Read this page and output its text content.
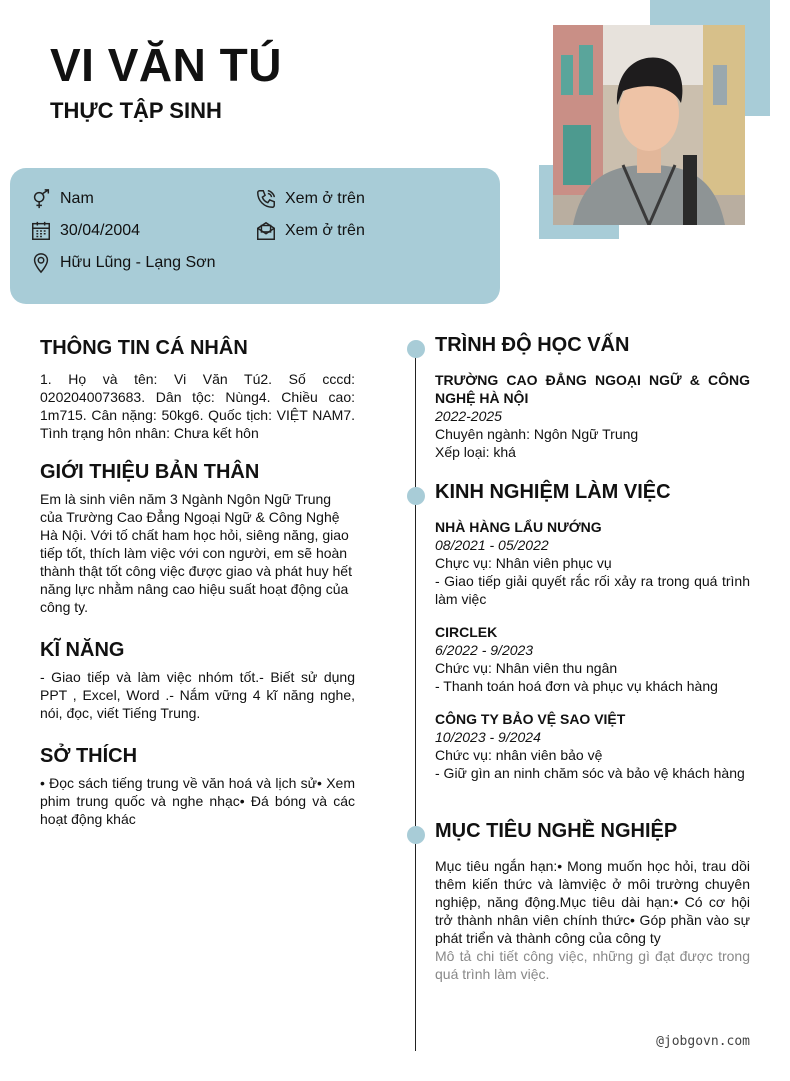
VI VĂN TÚ
THỰC TẬP SINH
Nam	Xem ở trên
30/04/2004	Xem ở trên
Hữu Lũng - Lạng Sơn
THÔNG TIN CÁ NHÂN
1. Họ và tên: Vi Văn Tú2. Số cccd: 0202040073683. Dân tộc: Nùng4. Chiều cao: 1m715. Cân nặng: 50kg6. Quốc tịch: VIỆT NAM7. Tình trạng hôn nhân: Chưa kết hôn
GIỚI THIỆU BẢN THÂN
Em là sinh viên năm 3 Ngành Ngôn Ngữ Trung của Trường Cao Đẳng Ngoại Ngữ & Công Nghệ Hà Nội. Với tố chất ham học hỏi, siêng năng, giao tiếp tốt, thích làm việc với con người, em sẽ hoàn thành thật tốt công việc được giao và phát huy hết năng lực nhằm nâng cao hiệu suất hoạt động của công ty.
KĨ NĂNG
- Giao tiếp và làm việc nhóm tốt.- Biết sử dụng PPT , Excel, Word .- Nắm vững 4 kĩ năng nghe, nói, đọc, viết Tiếng Trung.
SỞ THÍCH
• Đọc sách tiếng trung về văn hoá và lịch sử• Xem phim trung quốc và nghe nhạc• Đá bóng và các hoạt động khác
TRÌNH ĐỘ HỌC VẤN
TRƯỜNG CAO ĐẲNG NGOẠI NGỮ & CÔNG NGHỆ HÀ NỘI
2022-2025
Chuyên ngành: Ngôn Ngữ Trung
Xếp loại: khá
KINH NGHIỆM LÀM VIỆC
NHÀ HÀNG LẨU NƯỚNG
08/2021 - 05/2022
Chực vụ: Nhân viên phục vụ
- Giao tiếp giải quyết rắc rối xảy ra trong quá trình làm việc
CIRCLEK
6/2022 - 9/2023
Chức vụ: Nhân viên thu ngân
- Thanh toán hoá đơn và phục vụ khách hàng
CÔNG TY BẢO VỆ SAO VIỆT
10/2023 - 9/2024
Chức vụ: nhân viên bảo vệ
- Giữ gìn an ninh chăm sóc và bảo vệ khách hàng
MỤC TIÊU NGHỀ NGHIỆP
Mục tiêu ngắn hạn:• Mong muốn học hỏi, trau dồi thêm kiến thức và làmviệc ở môi trường chuyên nghiệp, năng động.Mục tiêu dài hạn:• Có cơ hội trở thành nhân viên chính thức• Góp phần vào sự phát triển và thành công của công ty
Mô tả chi tiết công việc, những gì đạt được trong quá trình làm việc.
@jobgovn.com
